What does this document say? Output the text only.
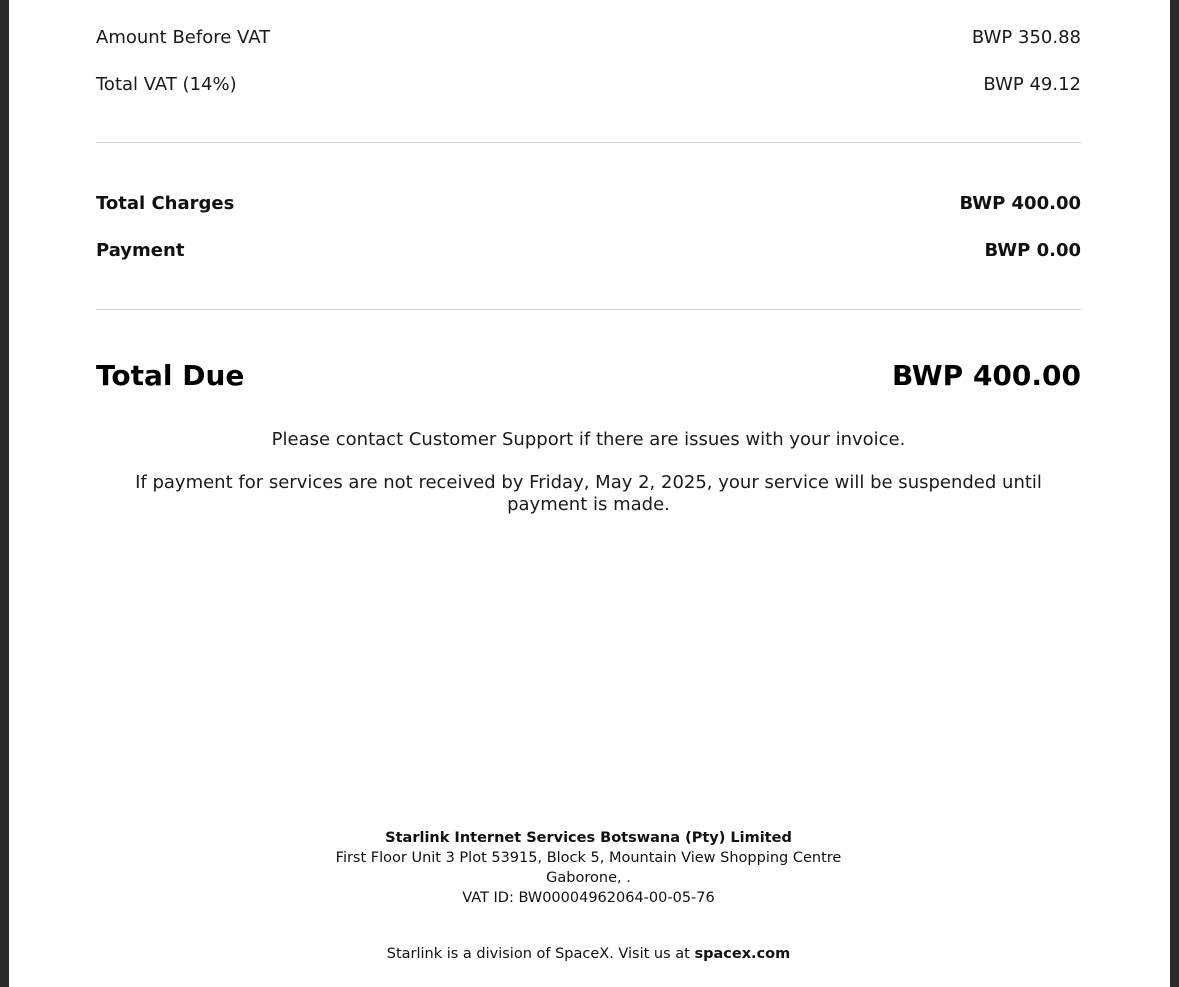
Amount Before VAT	BWP 350.88
Total VAT (14%)	BWP 49.12
Total Charges	BWP 400.00
Payment	BWP 0.00
Total Due	BWP 400.00
Please contact Customer Support if there are issues with your invoice.
If payment for services are not received by Friday, May 2, 2025, your service will be suspended until payment is made.
Starlink Internet Services Botswana (Pty) Limited
First Floor Unit 3 Plot 53915, Block 5, Mountain View Shopping Centre
Gaborone, .
VAT ID: BW00004962064-00-05-76
Starlink is a division of SpaceX. Visit us at spacex.com
